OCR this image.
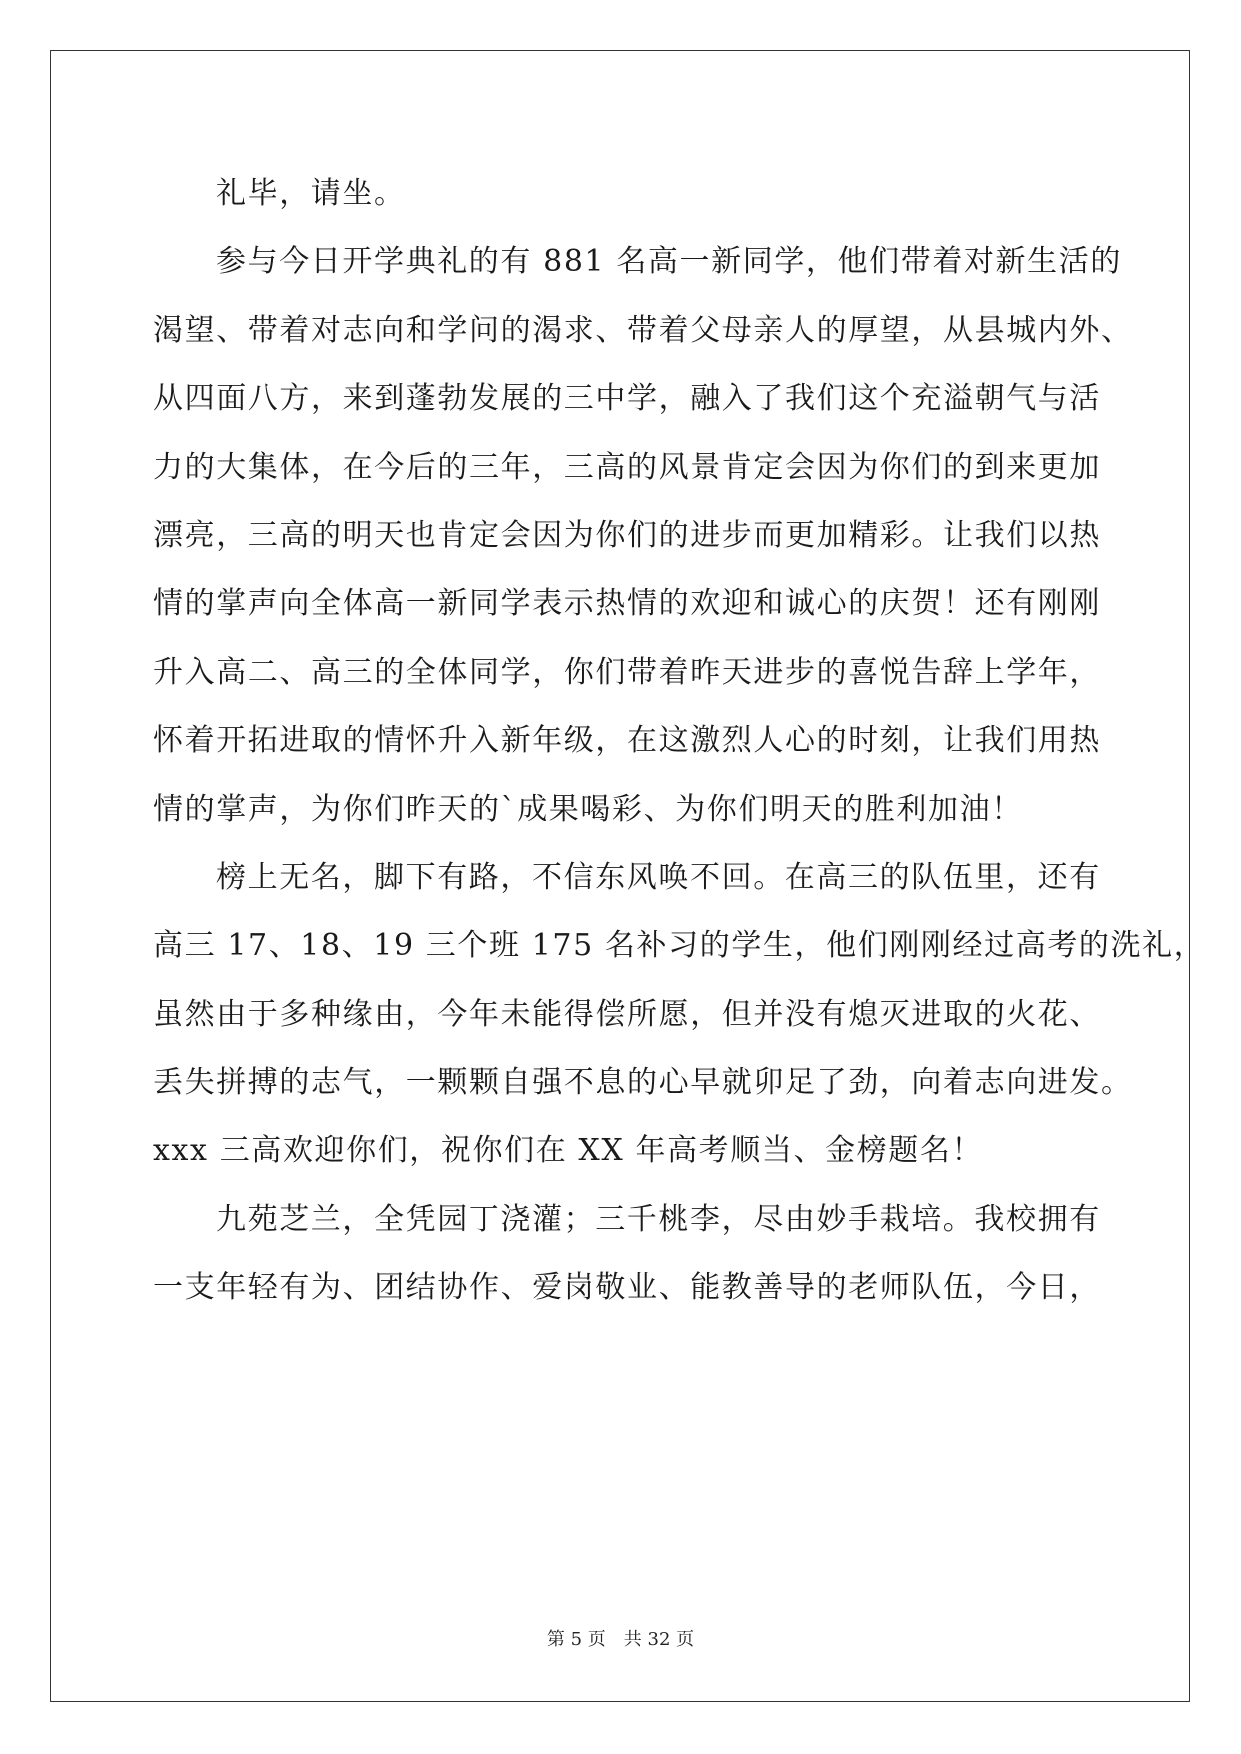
礼毕，请坐。
参与今日开学典礼的有 881 名高一新同学，他们带着对新生活的
渴望、带着对志向和学问的渴求、带着父母亲人的厚望，从县城内外、
从四面八方，来到蓬勃发展的三中学，融入了我们这个充溢朝气与活
力的大集体，在今后的三年，三高的风景肯定会因为你们的到来更加
漂亮，三高的明天也肯定会因为你们的进步而更加精彩。让我们以热
情的掌声向全体高一新同学表示热情的欢迎和诚心的庆贺！还有刚刚
升入高二、高三的全体同学，你们带着昨天进步的喜悦告辞上学年，
怀着开拓进取的情怀升入新年级，在这激烈人心的时刻，让我们用热
情的掌声，为你们昨天的`成果喝彩、为你们明天的胜利加油！
榜上无名，脚下有路，不信东风唤不回。在高三的队伍里，还有
高三 17、18、19 三个班 175 名补习的学生，他们刚刚经过高考的洗礼，
虽然由于多种缘由，今年未能得偿所愿，但并没有熄灭进取的火花、
丢失拼搏的志气，一颗颗自强不息的心早就卯足了劲，向着志向进发。
xxx 三高欢迎你们，祝你们在 XX 年高考顺当、金榜题名！
九苑芝兰，全凭园丁浇灌；三千桃李，尽由妙手栽培。我校拥有
一支年轻有为、团结协作、爱岗敬业、能教善导的老师队伍，今日，
第 5 页 共 32 页
